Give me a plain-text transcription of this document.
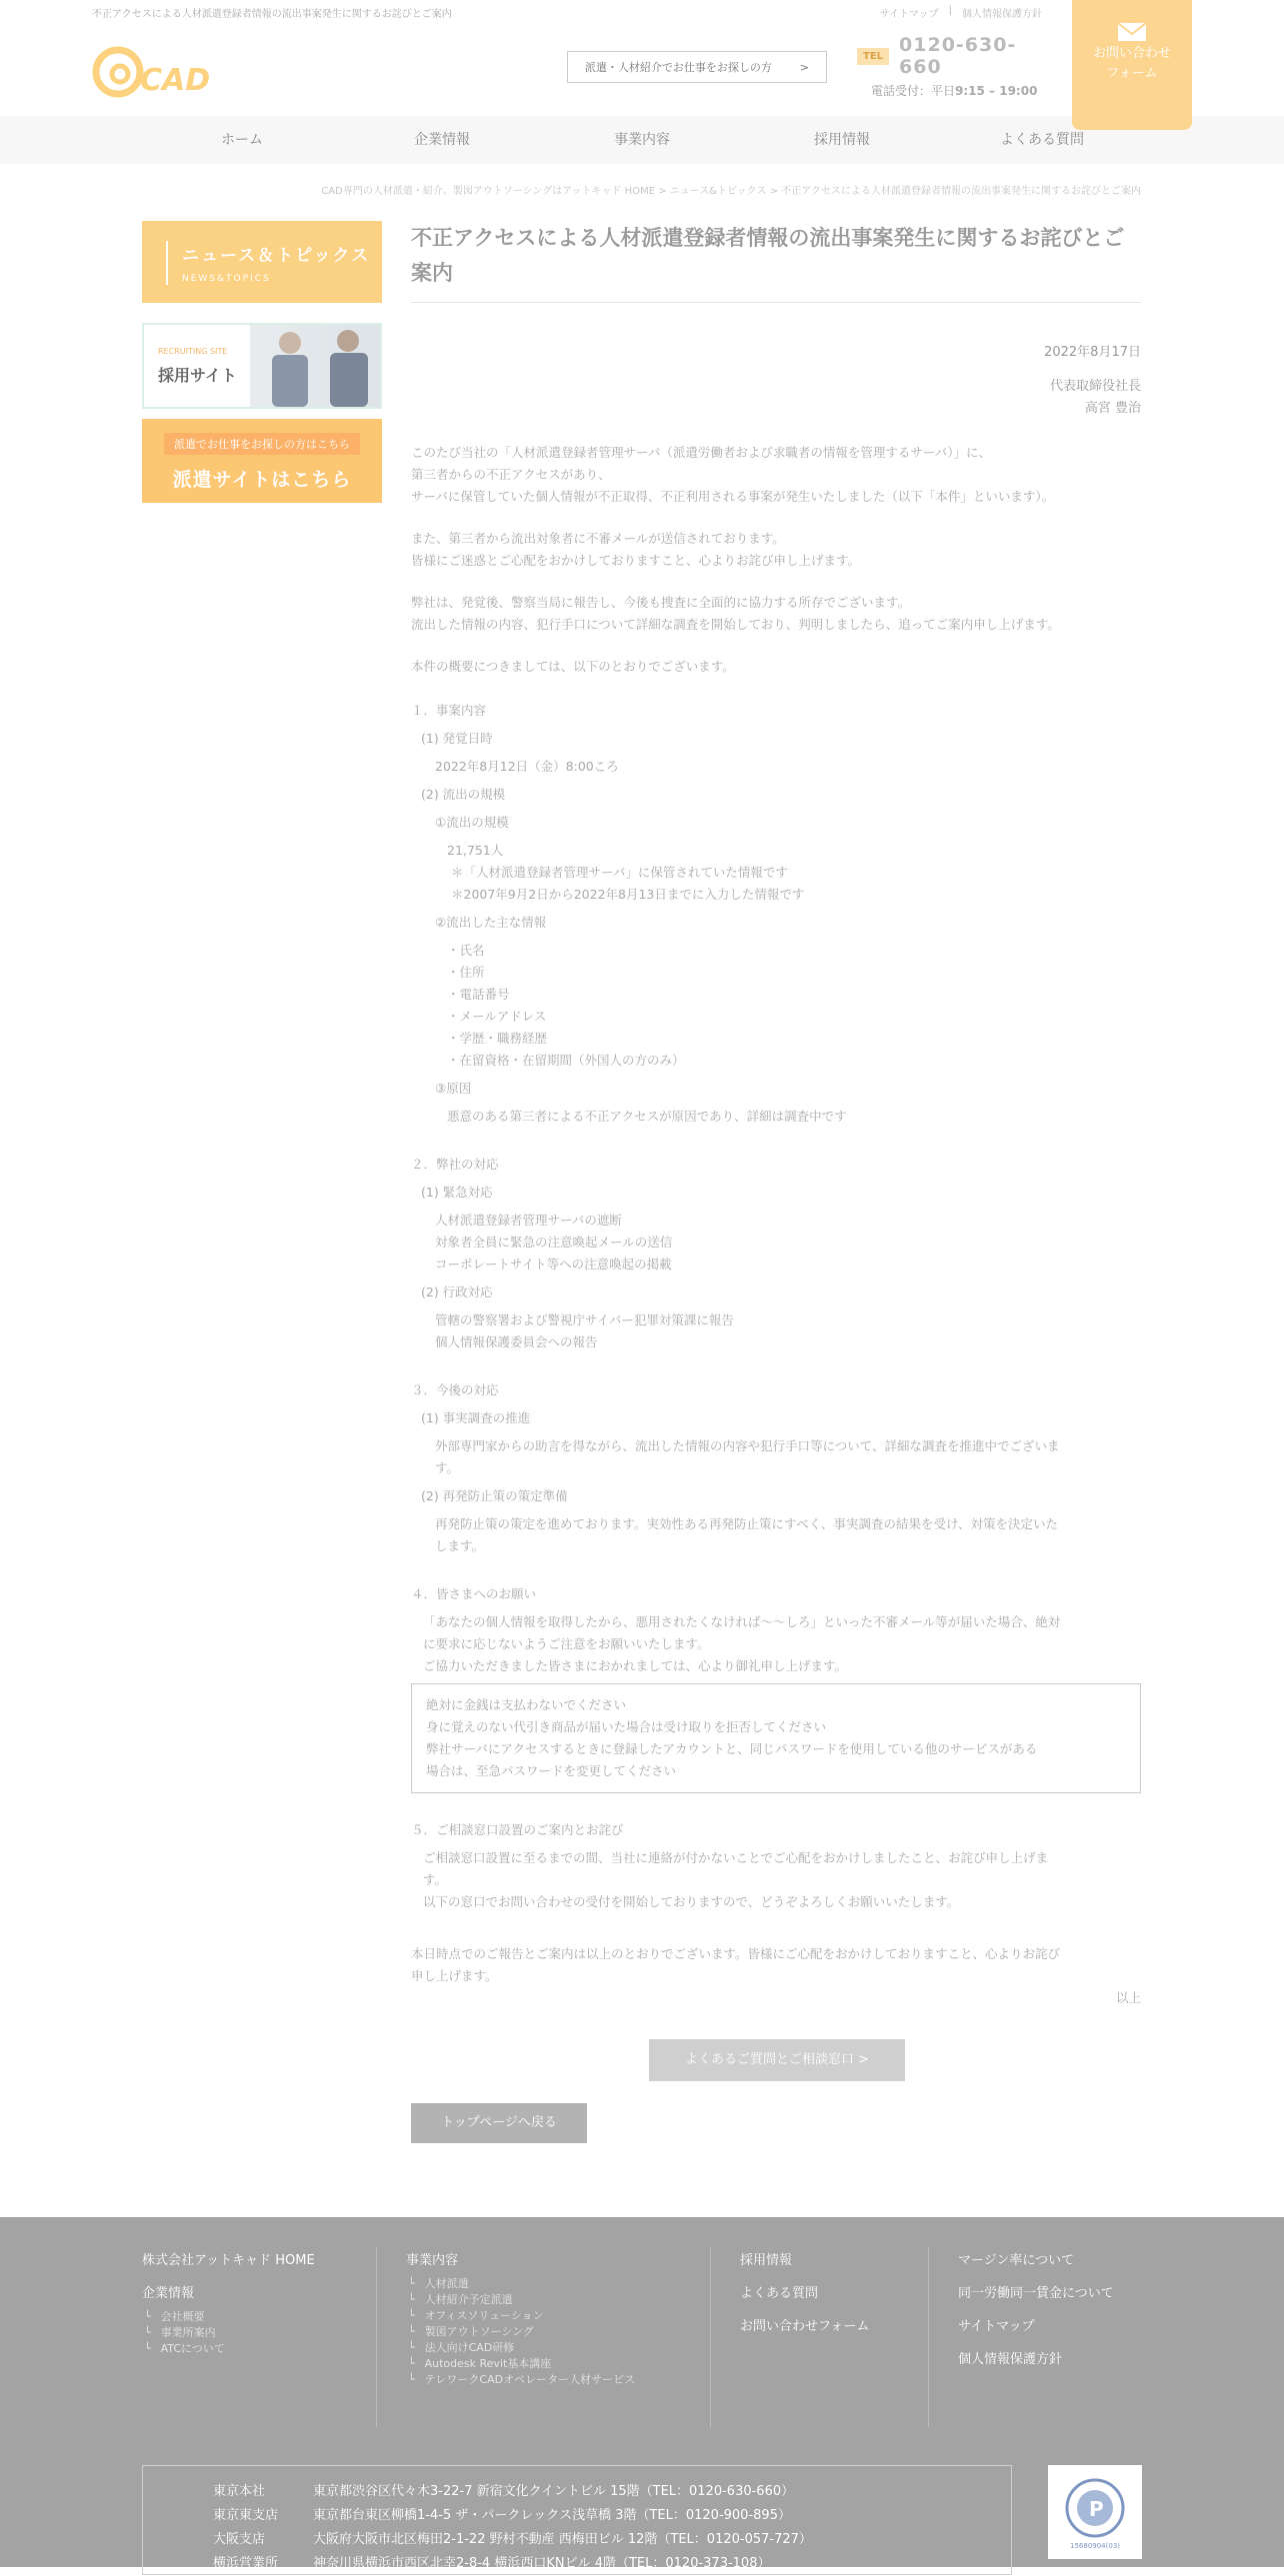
不正アクセスによる人材派遣登録者情報の流出事案発生に関するお詫びとご案内	サイトマップ | 個人情報保護方針
CAD	派遣・人材紹介でお仕事をお探しの方	>
TEL 0120-630-660
電話受付：平日9:15 – 19:00
お問い合わせ
フォーム
ホーム	企業情報	事業内容	採用情報	よくある質問
CAD専門の人材派遣・紹介、製図アウトソーシングはアットキャド HOME > ニュース&トピックス > 不正アクセスによる人材派遣登録者情報の流出事案発生に関するお詫びとご案内
ニュース＆トピックス
NEWS&TOPICS
RECRUITING SITE
採用サイト
派遣でお仕事をお探しの方はこちら
派遣サイトはこちら
不正アクセスによる人材派遣登録者情報の流出事案発生に関するお詫びとご案内
2022年8月17日
代表取締役社長
高宮 豊治
このたび当社の「人材派遣登録者管理サーバ（派遣労働者および求職者の情報を管理するサーバ）」に、
第三者からの不正アクセスがあり、
サーバに保管していた個人情報が不正取得、不正利用される事案が発生いたしました（以下「本件」といいます）。
また、第三者から流出対象者に不審メールが送信されております。
皆様にご迷惑とご心配をおかけしておりますこと、心よりお詫び申し上げます。
弊社は、発覚後、警察当局に報告し、今後も捜査に全面的に協力する所存でございます。
流出した情報の内容、犯行手口について詳細な調査を開始しており、判明しましたら、追ってご案内申し上げます。
本件の概要につきましては、以下のとおりでございます。
１．事案内容
(1) 発覚日時
2022年8月12日（金）8:00ころ
(2) 流出の規模
①流出の規模
21,751人
＊「人材派遣登録者管理サーバ」に保管されていた情報です
＊2007年9月2日から2022年8月13日までに入力した情報です
②流出した主な情報
・氏名
・住所
・電話番号
・メールアドレス
・学歴・職務経歴
・在留資格・在留期間（外国人の方のみ）
③原因
悪意のある第三者による不正アクセスが原因であり、詳細は調査中です
２．弊社の対応
(1) 緊急対応
人材派遣登録者管理サーバの遮断
対象者全員に緊急の注意喚起メールの送信
コーポレートサイト等への注意喚起の掲載
(2) 行政対応
管轄の警察署および警視庁サイバー犯罪対策課に報告
個人情報保護委員会への報告
３．今後の対応
(1) 事実調査の推進
外部専門家からの助言を得ながら、流出した情報の内容や犯行手口等について、詳細な調査を推進中でございま
す。
(2) 再発防止策の策定準備
再発防止策の策定を進めております。実効性ある再発防止策にすべく、事実調査の結果を受け、対策を決定いた
します。
４．皆さまへのお願い
「あなたの個人情報を取得したから、悪用されたくなければ～～しろ」といった不審メール等が届いた場合、絶対
に要求に応じないようご注意をお願いいたします。
ご協力いただきました皆さまにおかれましては、心より御礼申し上げます。
絶対に金銭は支払わないでください
身に覚えのない代引き商品が届いた場合は受け取りを拒否してください
弊社サーバにアクセスするときに登録したアカウントと、同じパスワードを使用している他のサービスがある
場合は、至急パスワードを変更してください
５．ご相談窓口設置のご案内とお詫び
ご相談窓口設置に至るまでの間、当社に連絡が付かないことでご心配をおかけしましたこと、お詫び申し上げま
す。
以下の窓口でお問い合わせの受付を開始しておりますので、どうぞよろしくお願いいたします。
本日時点でのご報告とご案内は以上のとおりでございます。皆様にご心配をおかけしておりますこと、心よりお詫び
申し上げます。
以上
よくあるご質問とご相談窓口 >
トップページへ戻る
株式会社アットキャド HOME
企業情報
└ 会社概要
└ 事業所案内
└ ATCについて
事業内容
└ 人材派遣
└ 人材紹介予定派遣
└ オフィスソリューション
└ 製図アウトソーシング
└ 法人向けCAD研修
└ Autodesk Revit基本講座
└ テレワークCADオペレーター人材サービス
採用情報
よくある質問
お問い合わせフォーム
マージン率について
同一労働同一賃金について
サイトマップ
個人情報保護方針
東京本社	東京都渋谷区代々木3-22-7 新宿文化クイントビル 15階（TEL：0120-630-660）
東京東支店	東京都台東区柳橋1-4-5 ザ・パークレックス浅草橋 3階（TEL：0120-900-895）
大阪支店	大阪府大阪市北区梅田2-1-22 野村不動産 西梅田ビル 12階（TEL：0120-057-727）
横浜営業所	神奈川県横浜市西区北幸2-8-4 横浜西口KNビル 4階（TEL：0120-373-108）
P
15680904(03)
